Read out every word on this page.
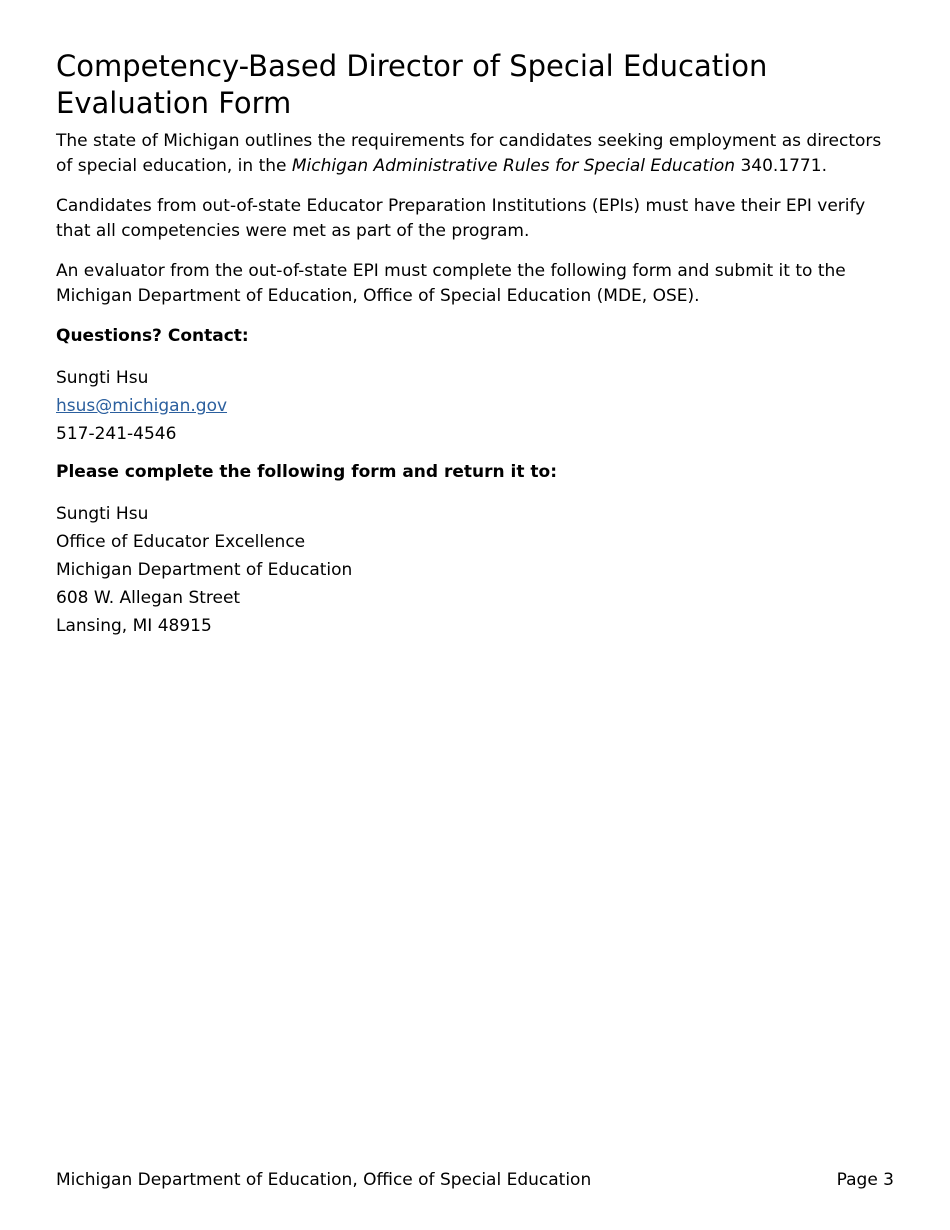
Competency-Based Director of Special Education Evaluation Form

The state of Michigan outlines the requirements for candidates seeking employment as directors of special education, in the Michigan Administrative Rules for Special Education 340.1771.

Candidates from out-of-state Educator Preparation Institutions (EPIs) must have their EPI verify that all competencies were met as part of the program.

An evaluator from the out-of-state EPI must complete the following form and submit it to the Michigan Department of Education, Office of Special Education (MDE, OSE).

Questions? Contact:

Sungti Hsu
hsus@michigan.gov
517-241-4546

Please complete the following form and return it to:

Sungti Hsu
Office of Educator Excellence
Michigan Department of Education
608 W. Allegan Street
Lansing, MI 48915
Michigan Department of Education, Office of Special Education	Page 3
